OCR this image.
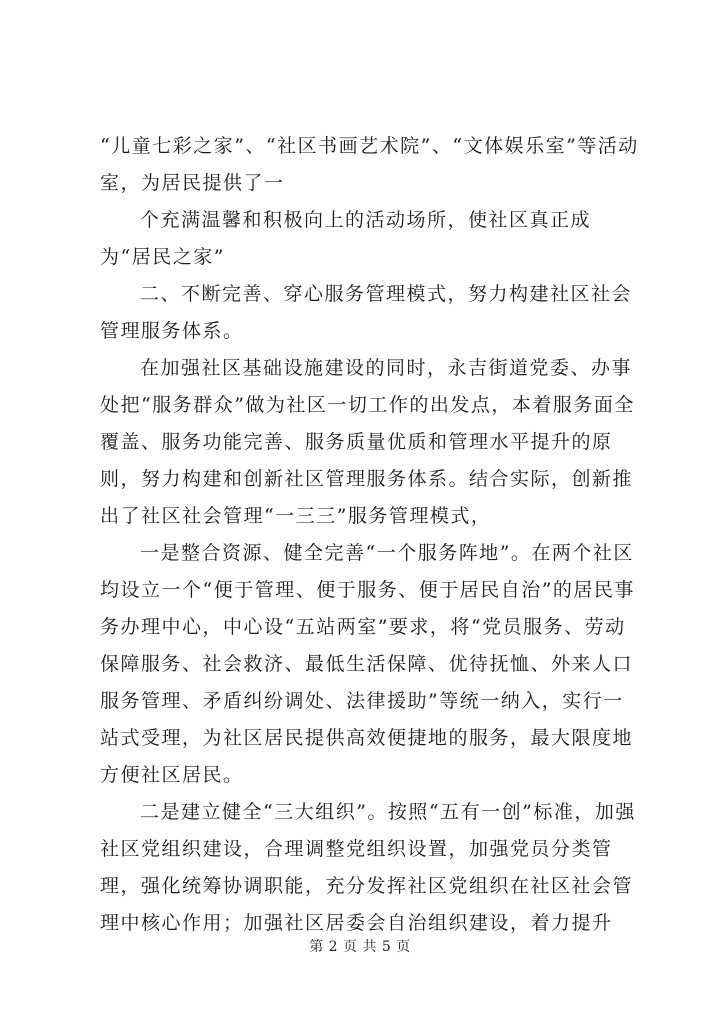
“儿童七彩之家”、“社区书画艺术院”、“文体娱乐室”等活动室，为居民提供了一

个充满温馨和积极向上的活动场所，使社区真正成为“居民之家”

二、不断完善、穿心服务管理模式，努力构建社区社会管理服务体系。

在加强社区基础设施建设的同时，永吉街道党委、办事处把“服务群众”做为社区一切工作的出发点，本着服务面全覆盖、服务功能完善、服务质量优质和管理水平提升的原则，努力构建和创新社区管理服务体系。结合实际，创新推出了社区社会管理“一三三”服务管理模式，

一是整合资源、健全完善“一个服务阵地”。在两个社区均设立一个“便于管理、便于服务、便于居民自治”的居民事务办理中心，中心设“五站两室”要求，将“党员服务、劳动保障服务、社会救济、最低生活保障、优待抚恤、外来人口服务管理、矛盾纠纷调处、法律援助”等统一纳入，实行一站式受理，为社区居民提供高效便捷地的服务，最大限度地方便社区居民。

二是建立健全“三大组织”。按照“五有一创”标准，加强社区党组织建设，合理调整党组织设置，加强党员分类管理，强化统筹协调职能，充分发挥社区党组织在社区社会管理中核心作用；加强社区居委会自治组织建设，着力提升

第 2 页 共 5 页
